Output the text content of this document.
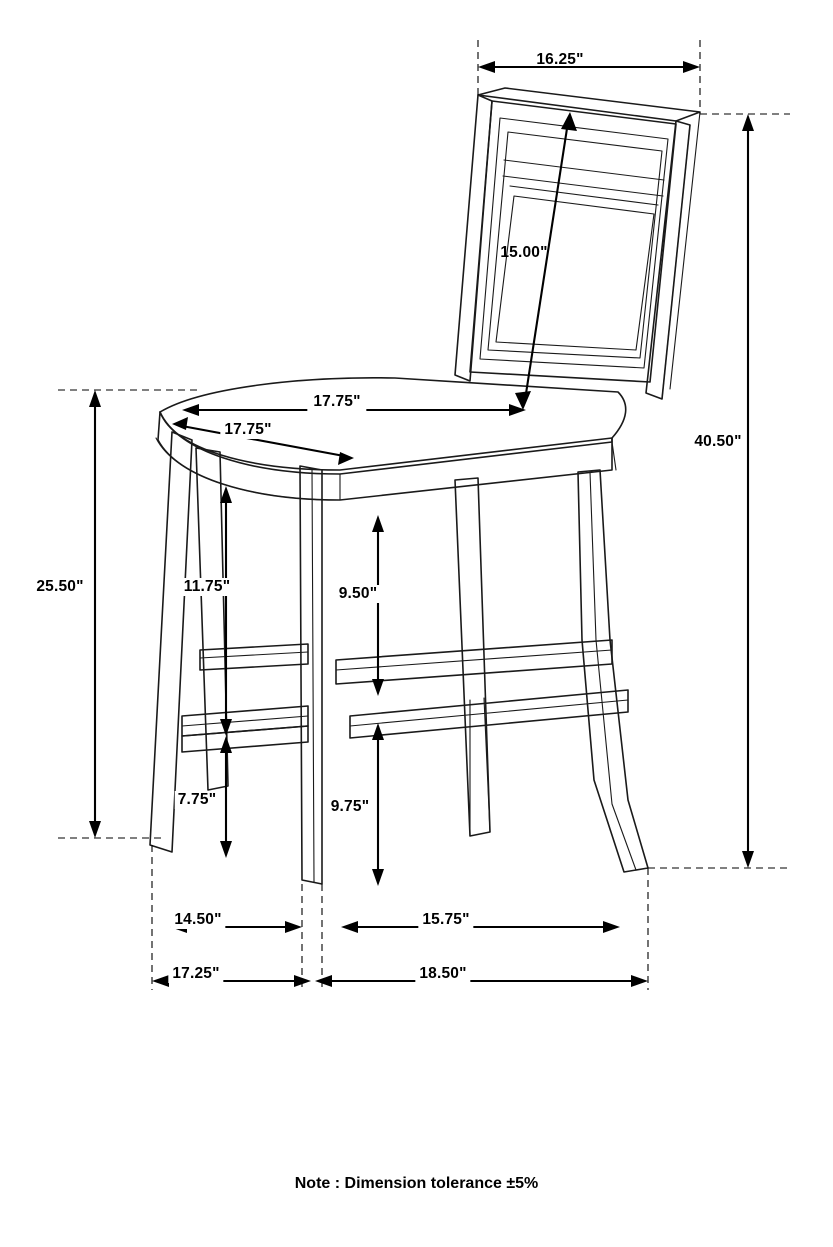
16.25"
15.00"
17.75"
17.75"
40.50"
25.50"	11.75"	9.50"
7.75"	9.75"
14.50"	15.75"
17.25"	18.50"
Note : Dimension tolerance ±5%
